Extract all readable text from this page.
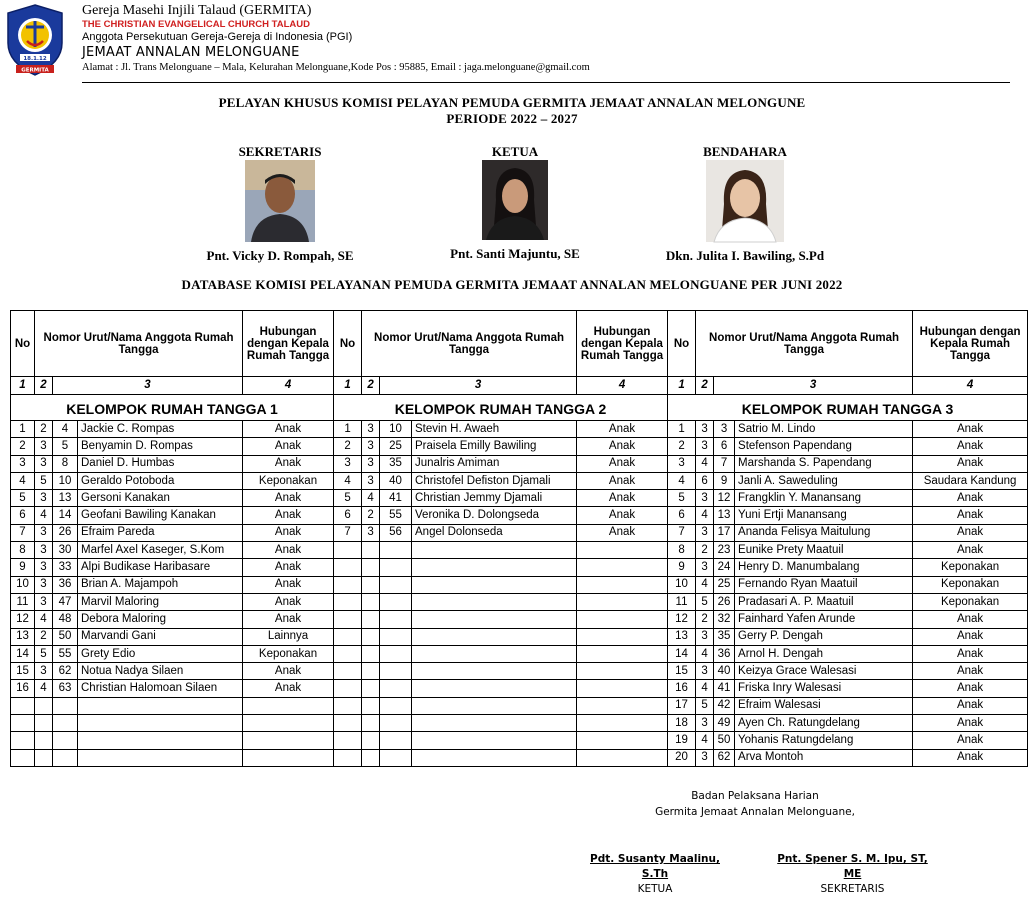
18.1.12
GERMITA
Gereja Masehi Injili Talaud (GERMITA)
THE CHRISTIAN EVANGELICAL CHURCH TALAUD
Anggota Persekutuan Gereja-Gereja di Indonesia (PGI)
JEMAAT ANNALAN MELONGUANE
Alamat : Jl. Trans Melonguane – Mala, Kelurahan Melonguane,Kode Pos : 95885, Email : jaga.melonguane@gmail.com
PELAYAN KHUSUS KOMISI PELAYAN PEMUDA GERMITA JEMAAT ANNALAN MELONGUNE
PERIODE 2022 – 2027
SEKRETARIS
Pnt. Vicky D. Rompah, SE
KETUA
Pnt. Santi Majuntu, SE
BENDAHARA
Dkn. Julita I. Bawiling, S.Pd
DATABASE KOMISI PELAYANAN PEMUDA GERMITA JEMAAT ANNALAN MELONGUANE PER JUNI 2022
No	Nomor Urut/Nama Anggota Rumah Tangga			Hubungan dengan Kepala Rumah Tangga	No	Nomor Urut/Nama Anggota Rumah Tangga			Hubungan dengan Kepala Rumah Tangga	No	Nomor Urut/Nama Anggota Rumah Tangga			Hubungan dengan Kepala Rumah Tangga
1	2	3		4	1	2	3		4	1	2	3		4

KELOMPOK RUMAH TANGGA 1					KELOMPOK RUMAH TANGGA 2					KELOMPOK RUMAH TANGGA 3				
1	2	4	Jackie C. Rompas	Anak	1	3	10	Stevin H. Awaeh	Anak	1	3	3	Satrio M. Lindo	Anak
2	3	5	Benyamin D. Rompas	Anak	2	3	25	Praisela Emilly Bawiling	Anak	2	3	6	Stefenson Papendang	Anak
3	3	8	Daniel D. Humbas	Anak	3	3	35	Junalris Amiman	Anak	3	4	7	Marshanda S. Papendang	Anak
4	5	10	Geraldo Potoboda	Keponakan	4	3	40	Christofel Defiston Djamali	Anak	4	6	9	Janli A. Saweduling	Saudara Kandung
5	3	13	Gersoni Kanakan	Anak	5	4	41	Christian Jemmy Djamali	Anak	5	3	12	Frangklin Y. Manansang	Anak
6	4	14	Geofani Bawiling Kanakan	Anak	6	2	55	Veronika D. Dolongseda	Anak	6	4	13	Yuni Ertji Manansang	Anak
7	3	26	Efraim Pareda	Anak	7	3	56	Angel Dolonseda	Anak	7	3	17	Ananda Felisya Maitulung	Anak
8	3	30	Marfel Axel Kaseger, S.Kom	Anak						8	2	23	Eunike Prety Maatuil	Anak
9	3	33	Alpi Budikase Haribasare	Anak						9	3	24	Henry D. Manumbalang	Keponakan
10	3	36	Brian A. Majampoh	Anak						10	4	25	Fernando Ryan Maatuil	Keponakan
11	3	47	Marvil Maloring	Anak						11	5	26	Pradasari A. P. Maatuil	Keponakan
12	4	48	Debora Maloring	Anak						12	2	32	Fainhard Yafen Arunde	Anak
13	2	50	Marvandi Gani	Lainnya						13	3	35	Gerry P. Dengah	Anak
14	5	55	Grety Edio	Keponakan						14	4	36	Arnol H. Dengah	Anak
15	3	62	Notua Nadya Silaen	Anak						15	3	40	Keizya Grace Walesasi	Anak
16	4	63	Christian Halomoan Silaen	Anak						16	4	41	Friska Inry Walesasi	Anak
										17	5	42	Efraim Walesasi	Anak
										18	3	49	Ayen Ch. Ratungdelang	Anak
										19	4	50	Yohanis Ratungdelang	Anak
										20	3	62	Arva Montoh	Anak
Badan Pelaksana Harian
Germita Jemaat Annalan Melonguane,
Pdt. Susanty Maalinu, S.Th
KETUA
Pnt. Spener S. M. Ipu, ST, ME
SEKRETARIS
